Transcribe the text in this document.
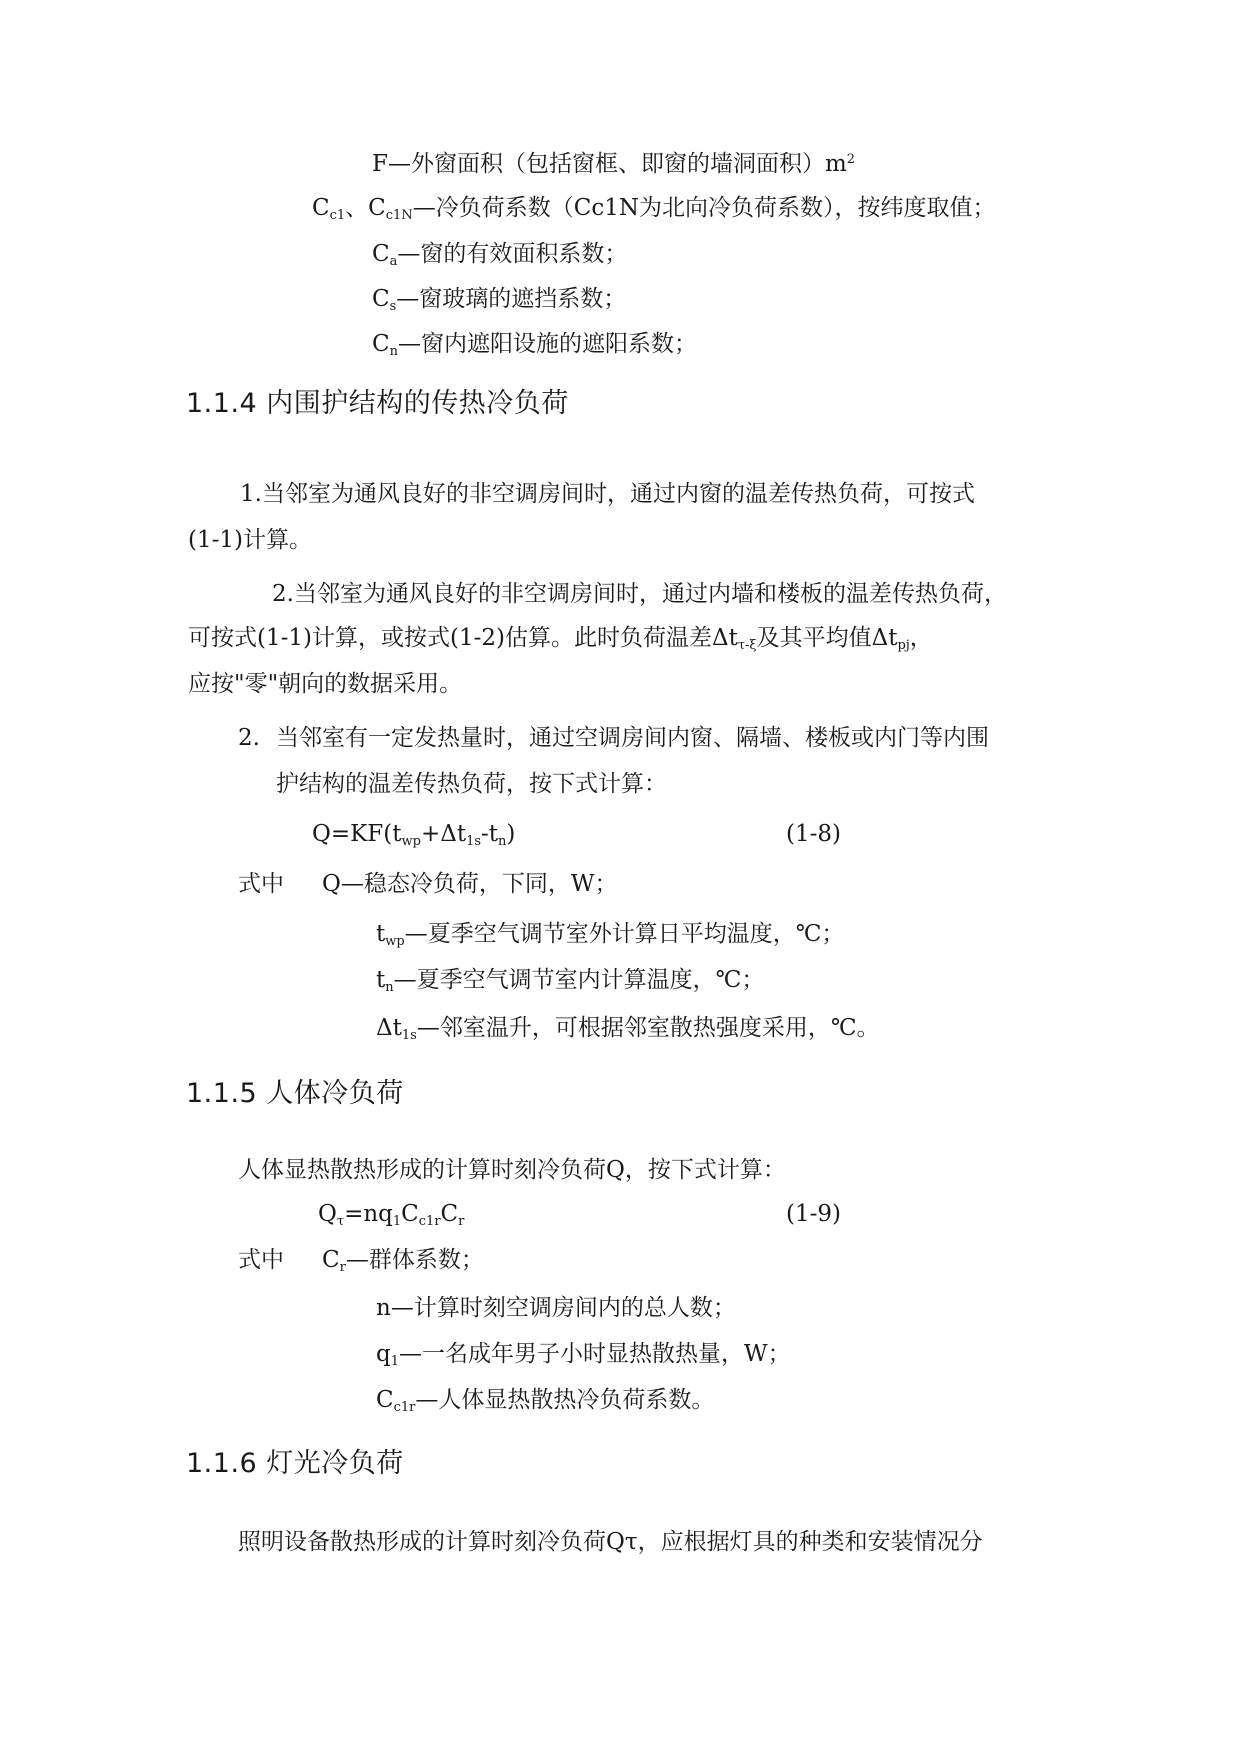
F—外窗面积（包括窗框、即窗的墙洞面积）$m^2$
$C_{c1}$、$C_{c1N}—$冷负荷系数（Cc1N为北向冷负荷系数），按纬度取值；
$C_a—$窗的有效面积系数；
$C_s—$窗玻璃的遮挡系数；
$C_n—$窗内遮阳设施的遮阳系数；
1.1.4 内围护结构的传热冷负荷
1.当邻室为通风良好的非空调房间时，通过内窗的温差传热负荷，可按式
(1-1)计算。
2.当邻室为通风良好的非空调房间时，通过内墙和楼板的温差传热负荷，
可按式(1-1)计算，或按式(1-2)估算。此时负荷温差$\Delta t_{\tau-\xi}$及其平均值$\Delta t_{pj}$，
应按"零"朝向的数据采用。
2. 当邻室有一定发热量时，通过空调房间内窗、隔墙、楼板或内门等内围
护结构的温差传热负荷，按下式计算：
$Q=KF(t_{wp}+\Delta t_{1s}-t_n)$	(1-8)
式中 Q—稳态冷负荷，下同，W；
$t_{wp}—$夏季空气调节室外计算日平均温度，℃；
$t_n—$夏季空气调节室内计算温度，℃；
$\Delta t_{1s}—$邻室温升，可根据邻室散热强度采用，℃。
1.1.5 人体冷负荷
人体显热散热形成的计算时刻冷负荷Q，按下式计算：
$Q_\tau=nq_1C_{c1r}C_r$	(1-9)
式中 $C_r—$群体系数；
n—计算时刻空调房间内的总人数；
$q_1—$一名成年男子小时显热散热量，W；
$C_{c1r}—$人体显热散热冷负荷系数。
1.1.6 灯光冷负荷
照明设备散热形成的计算时刻冷负荷Qτ，应根据灯具的种类和安装情况分
